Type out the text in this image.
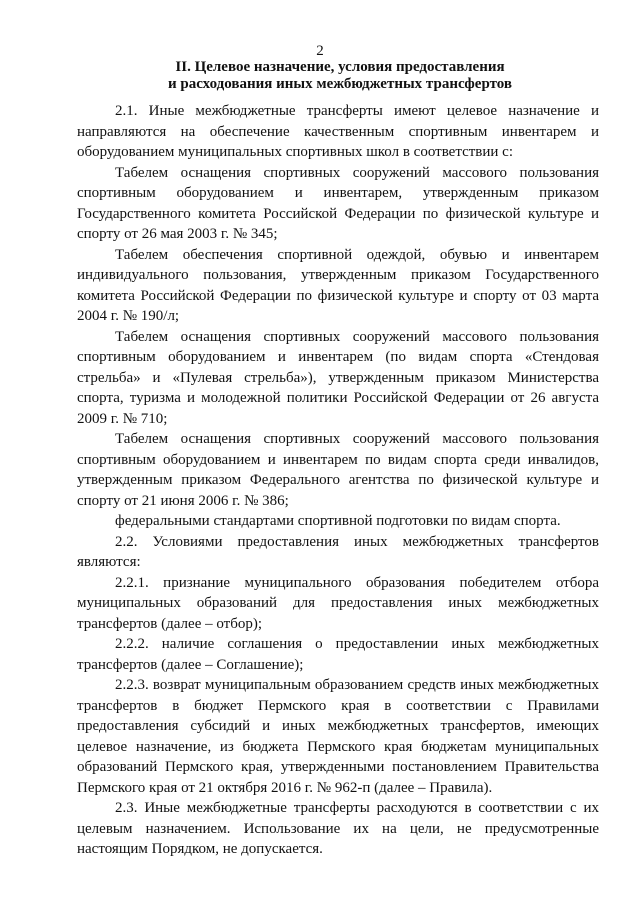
2
II. Целевое назначение, условия предоставления
и расходования иных межбюджетных трансфертов

2.1. Иные межбюджетные трансферты имеют целевое назначение и направляются на обеспечение качественным спортивным инвентарем и оборудованием муниципальных спортивных школ в соответствии с:

Табелем оснащения спортивных сооружений массового пользования спортивным оборудованием и инвентарем, утвержденным приказом Государственного комитета Российской Федерации по физической культуре и спорту от 26 мая 2003 г. № 345;

Табелем обеспечения спортивной одеждой, обувью и инвентарем индивидуального пользования, утвержденным приказом Государственного комитета Российской Федерации по физической культуре и спорту от 03 марта 2004 г. № 190/л;

Табелем оснащения спортивных сооружений массового пользования спортивным оборудованием и инвентарем (по видам спорта «Стендовая стрельба» и «Пулевая стрельба»), утвержденным приказом Министерства спорта, туризма и молодежной политики Российской Федерации от 26 августа 2009 г. № 710;

Табелем оснащения спортивных сооружений массового пользования спортивным оборудованием и инвентарем по видам спорта среди инвалидов, утвержденным приказом Федерального агентства по физической культуре и спорту от 21 июня 2006 г. № 386;

федеральными стандартами спортивной подготовки по видам спорта.

2.2. Условиями предоставления иных межбюджетных трансфертов являются:

2.2.1. признание муниципального образования победителем отбора муниципальных образований для предоставления иных межбюджетных трансфертов (далее – отбор);

2.2.2. наличие соглашения о предоставлении иных межбюджетных трансфертов (далее – Соглашение);

2.2.3. возврат муниципальным образованием средств иных межбюджетных трансфертов в бюджет Пермского края в соответствии с Правилами предоставления субсидий и иных межбюджетных трансфертов, имеющих целевое назначение, из бюджета Пермского края бюджетам муниципальных образований Пермского края, утвержденными постановлением Правительства Пермского края от 21 октября 2016 г. № 962-п (далее – Правила).

2.3. Иные межбюджетные трансферты расходуются в соответствии с их целевым назначением. Использование их на цели, не предусмотренные настоящим Порядком, не допускается.
